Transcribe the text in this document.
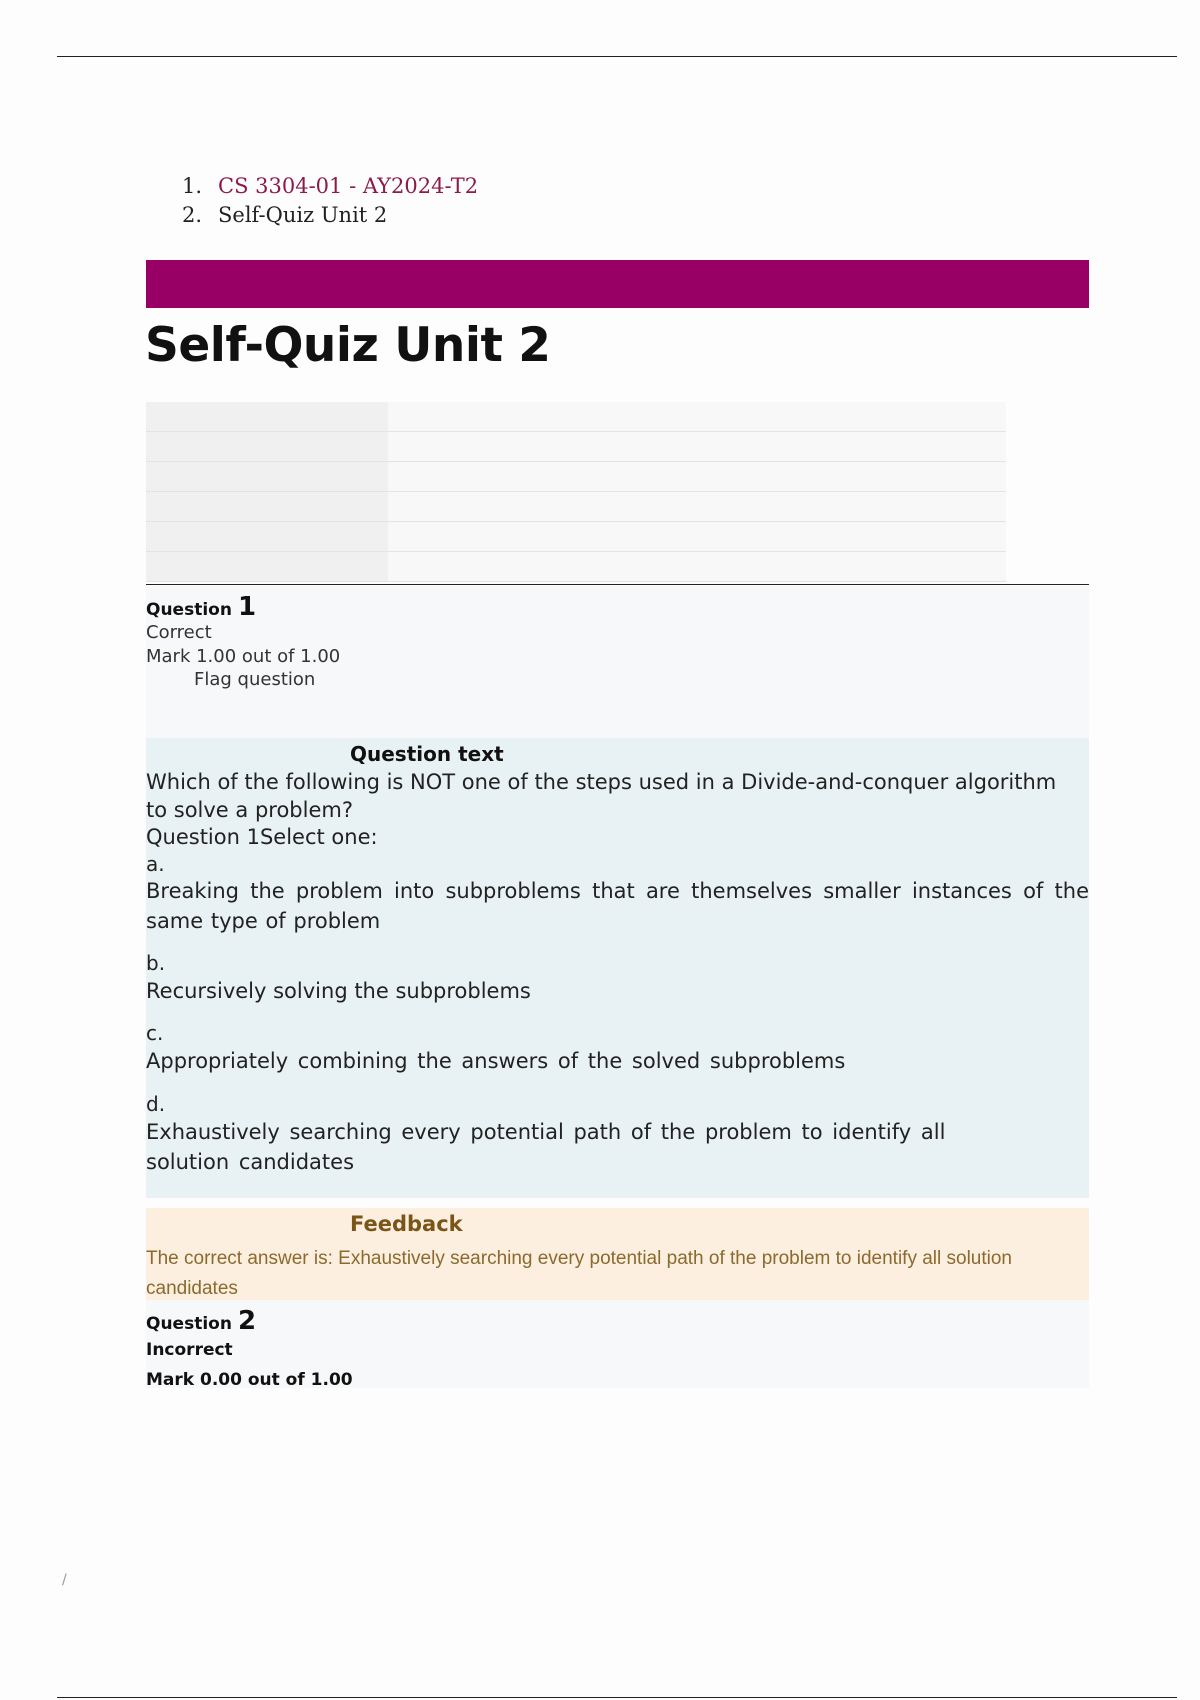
1. CS 3304-01 - AY2024-T2
2. Self-Quiz Unit 2
Self-Quiz Unit 2

Question 1
Correct
Mark 1.00 out of 1.00
Flag question
Question text

Which of the following is NOT one of the steps used in a Divide-and-conquer algorithm to solve a problem?

Question 1Select one:
a.
Breaking the problem into subproblems that are themselves smaller instances of the same type of problem
b.
Recursively solving the subproblems
c.
Appropriately combining the answers of the solved subproblems
d.
Exhaustively searching every potential path of the problem to identify all solution candidates
Feedback

The correct answer is: Exhaustively searching every potential path of the problem to identify all solution candidates

Question 2
Incorrect
Mark 0.00 out of 1.00
/
